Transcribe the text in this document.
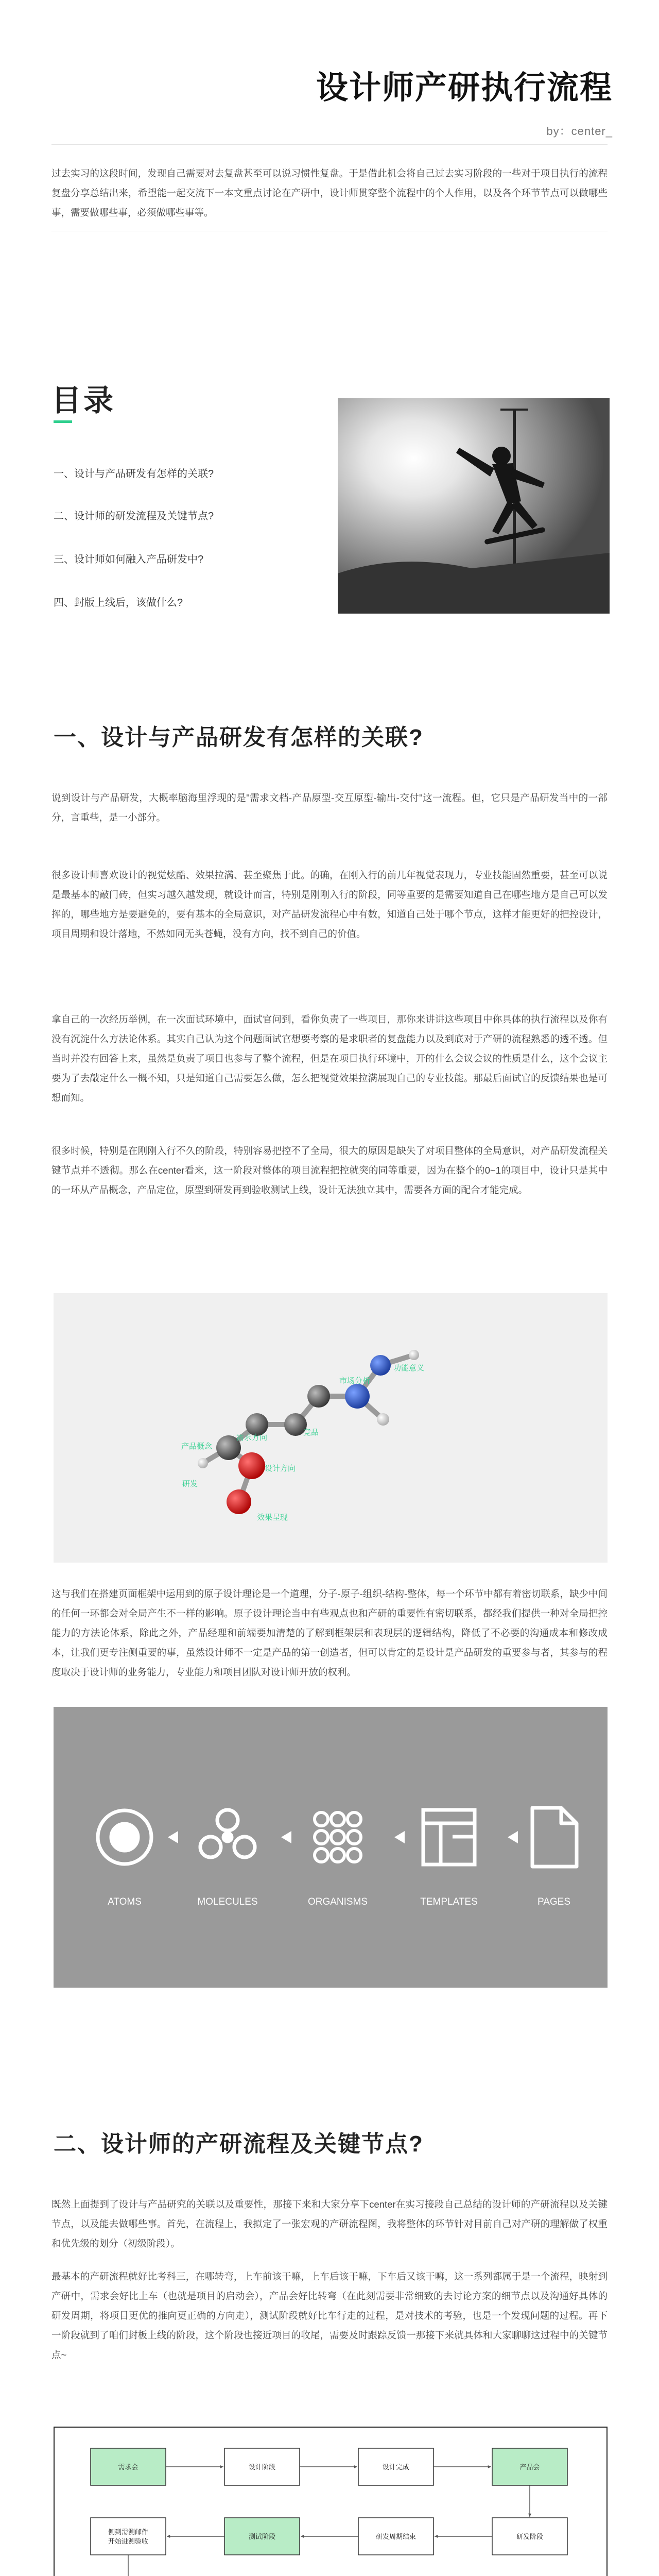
设计师产研执行流程
by：center_

过去实习的这段时间，发现自己需要对去复盘甚至可以说习惯性复盘。于是借此机会将自己过去实习阶段的一些对于项目执行的流程复盘分享总结出来，希望能一起交流下一本文重点讨论在产研中，设计师贯穿整个流程中的个人作用，以及各个环节节点可以做哪些事，需要做哪些事，必须做哪些事等。

目录
一、设计与产品研发有怎样的关联?
二、设计师的研发流程及关键节点?
三、设计师如何融入产品研发中?
四、封版上线后，该做什么?
一、设计与产品研发有怎样的关联?

说到设计与产品研发，大概率脑海里浮现的是"需求文档-产品原型-交互原型-输出-交付"这一流程。但，它只是产品研发当中的一部分，言重些，是一小部分。

很多设计师喜欢设计的视觉炫酷、效果拉满、甚至聚焦于此。的确，在刚入行的前几年视觉表现力，专业技能固然重要，甚至可以说是最基本的敲门砖，但实习越久越发现，就设计而言，特别是刚刚入行的阶段，同等重要的是需要知道自己在哪些地方是自己可以发挥的，哪些地方是要避免的，要有基本的全局意识，对产品研发流程心中有数，知道自己处于哪个节点，这样才能更好的把控设计，项目周期和设计落地，不然如同无头苍蝇，没有方向，找不到自己的价值。

拿自己的一次经历举例，在一次面试环境中，面试官问到，看你负责了一些项目，那你来讲讲这些项目中你具体的执行流程以及你有没有沉淀什么方法论体系。其实自己认为这个问题面试官想要考察的是求职者的复盘能力以及到底对于产研的流程熟悉的透不透。但当时并没有回答上来，虽然是负责了项目也参与了整个流程，但是在项目执行环境中，开的什么会议会议的性质是什么，这个会议主要为了去敲定什么一概不知，只是知道自己需要怎么做，怎么把视觉效果拉满展现自己的专业技能。那最后面试官的反馈结果也是可想而知。

很多时候，特别是在刚刚入行不久的阶段，特别容易把控不了全局，很大的原因是缺失了对项目整体的全局意识，对产品研发流程关键节点并不透彻。那么在center看来，这一阶段对整体的项目流程把控就突的同等重要，因为在整个的0~1的项目中，设计只是其中的一环从产品概念，产品定位，原型到研发再到验收测试上线，设计无法独立其中，需要各方面的配合才能完成。

产品概念
需求方向
研发
效果呈现
竞品
市场分析
功能意义
设计方向

这与我们在搭建页面框架中运用到的原子设计理论是一个道理，分子-原子-组织-结构-整体，每一个环节中都有着密切联系，缺少中间的任何一环都会对全局产生不一样的影响。原子设计理论当中有些观点也和产研的重要性有密切联系，都经我们提供一种对全局把控能力的方法论体系，除此之外，产品经理和前端要加清楚的了解到框架层和表现层的逻辑结构，降低了不必要的沟通成本和修改成本，让我们更专注侧重要的事，虽然设计师不一定是产品的第一创造者，但可以肯定的是设计是产品研发的重要参与者，其参与的程度取决于设计师的业务能力，专业能力和项目团队对设计师开放的权利。

ATOMS	MOLECULES	ORGANISMS	TEMPLATES	PAGES
二、设计师的产研流程及关键节点?

既然上面提到了设计与产品研究的关联以及重要性，那接下来和大家分享下center在实习接段自己总结的设计师的产研流程以及关键节点，以及能去做哪些事。首先，在流程上，我拟定了一张宏观的产研流程图，我将整体的环节针对目前自己对产研的理解做了权重和优先级的划分（初级阶段）。

最基本的产研流程就好比考科三，在哪转弯，上车前该干嘛，上车后该干嘛，下车后又该干嘛，这一系列都属于是一个流程，映射到产研中，需求会好比上车（也就是项目的启动会），产品会好比转弯（在此刻需要非常细致的去讨论方案的细节点以及沟通好具体的研发周期，将项目更优的推向更正确的方向走），测试阶段就好比车行走的过程，是对技术的考验，也是一个发现问题的过程。再下一阶段就到了咱们封板上线的阶段，这个阶段也接近项目的收尾，需要及时跟踪反馈一那接下来就具体和大家聊聊这过程中的关键节点~

需求会	设计阶段	设计完成	产品会
侧到需测邮件
开始进测验收
测试阶段	研发周期结束	研发阶段
